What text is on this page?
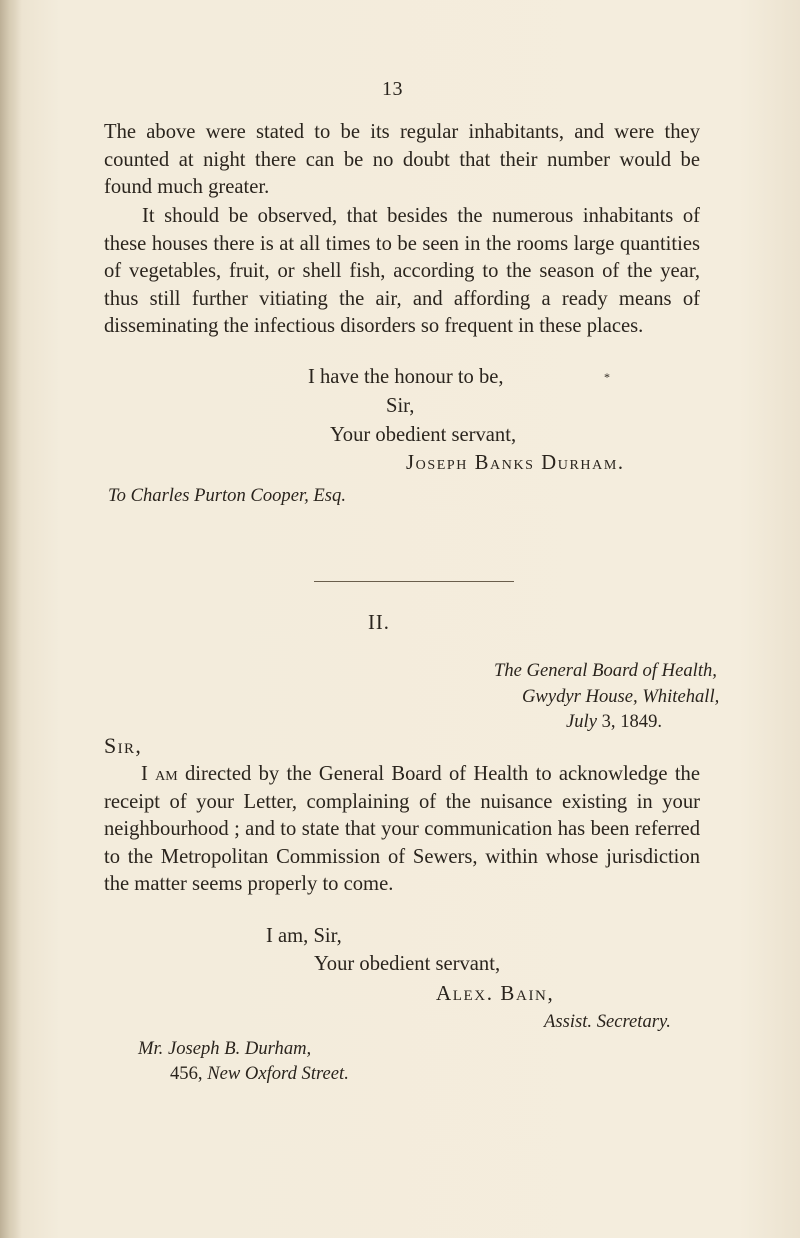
13
The above were stated to be its regular inhabitants, and were they counted at night there can be no doubt that their number would be found much greater.
It should be observed, that besides the numerous inhabitants of these houses there is at all times to be seen in the rooms large quantities of vegetables, fruit, or shell fish, according to the season of the year, thus still further vitiating the air, and affording a ready means of disseminating the infectious disorders so frequent in these places.
I have the honour to be,	*
Sir,
Your obedient servant,
Joseph Banks Durham.
To Charles Purton Cooper, Esq.
II.
The General Board of Health,
Gwydyr House, Whitehall,
July 3, 1849.
Sir,
I am directed by the General Board of Health to acknowledge the receipt of your Letter, complaining of the nuisance existing in your neighbourhood ; and to state that your communication has been referred to the Metropolitan Commission of Sewers, within whose jurisdiction the matter seems properly to come.
I am, Sir,
Your obedient servant,
Alex. Bain,
Assist. Secretary.
Mr. Joseph B. Durham,
456, New Oxford Street.
